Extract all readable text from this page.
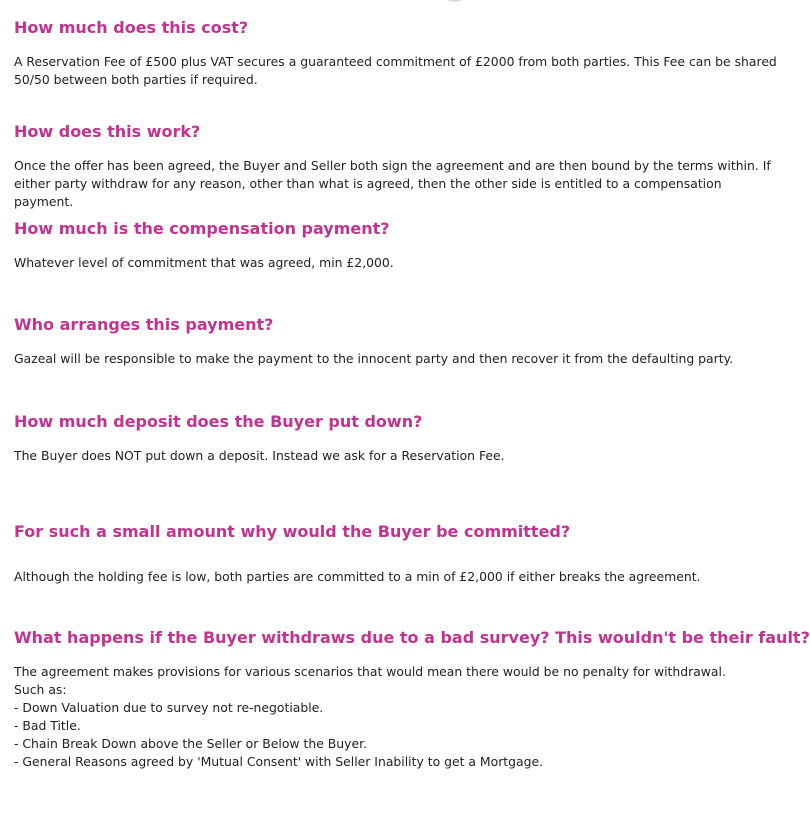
How much does this cost?

A Reservation Fee of £500 plus VAT secures a guaranteed commitment of £2000 from both parties. This Fee can be shared
50/50 between both parties if required.

How does this work?

Once the offer has been agreed, the Buyer and Seller both sign the agreement and are then bound by the terms within. If
either party withdraw for any reason, other than what is agreed, then the other side is entitled to a compensation
payment.

How much is the compensation payment?

Whatever level of commitment that was agreed, min £2,000.

Who arranges this payment?

Gazeal will be responsible to make the payment to the innocent party and then recover it from the defaulting party.

How much deposit does the Buyer put down?

The Buyer does NOT put down a deposit. Instead we ask for a Reservation Fee.

For such a small amount why would the Buyer be committed?

Although the holding fee is low, both parties are committed to a min of £2,000 if either breaks the agreement.

What happens if the Buyer withdraws due to a bad survey? This wouldn't be their fault?

The agreement makes provisions for various scenarios that would mean there would be no penalty for withdrawal.
Such as:
- Down Valuation due to survey not re-negotiable.
- Bad Title.
- Chain Break Down above the Seller or Below the Buyer.
- General Reasons agreed by 'Mutual Consent' with Seller Inability to get a Mortgage.
